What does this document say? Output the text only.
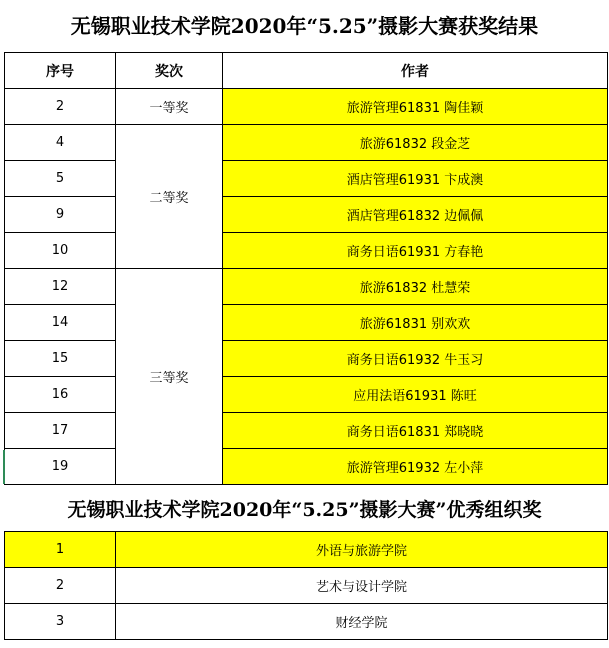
无锡职业技术学院2020年“5.25”摄影大赛获奖结果
序号	奖次	作者
2	一等奖	旅游管理61831 陶佳颖
4	二等奖	旅游61832 段金芝
5		酒店管理61931 卞成澳
9		酒店管理61832 边佩佩
10		商务日语61931 方春艳
12	三等奖	旅游61832 杜慧荣
14		旅游61831 别欢欢
15		商务日语61932 牛玉习
16		应用法语61931 陈旺
17		商务日语61831 郑晓晓
19		旅游管理61932 左小萍
无锡职业技术学院2020年“5.25”摄影大赛”优秀组织奖
1	外语与旅游学院
2	艺术与设计学院
3	财经学院
